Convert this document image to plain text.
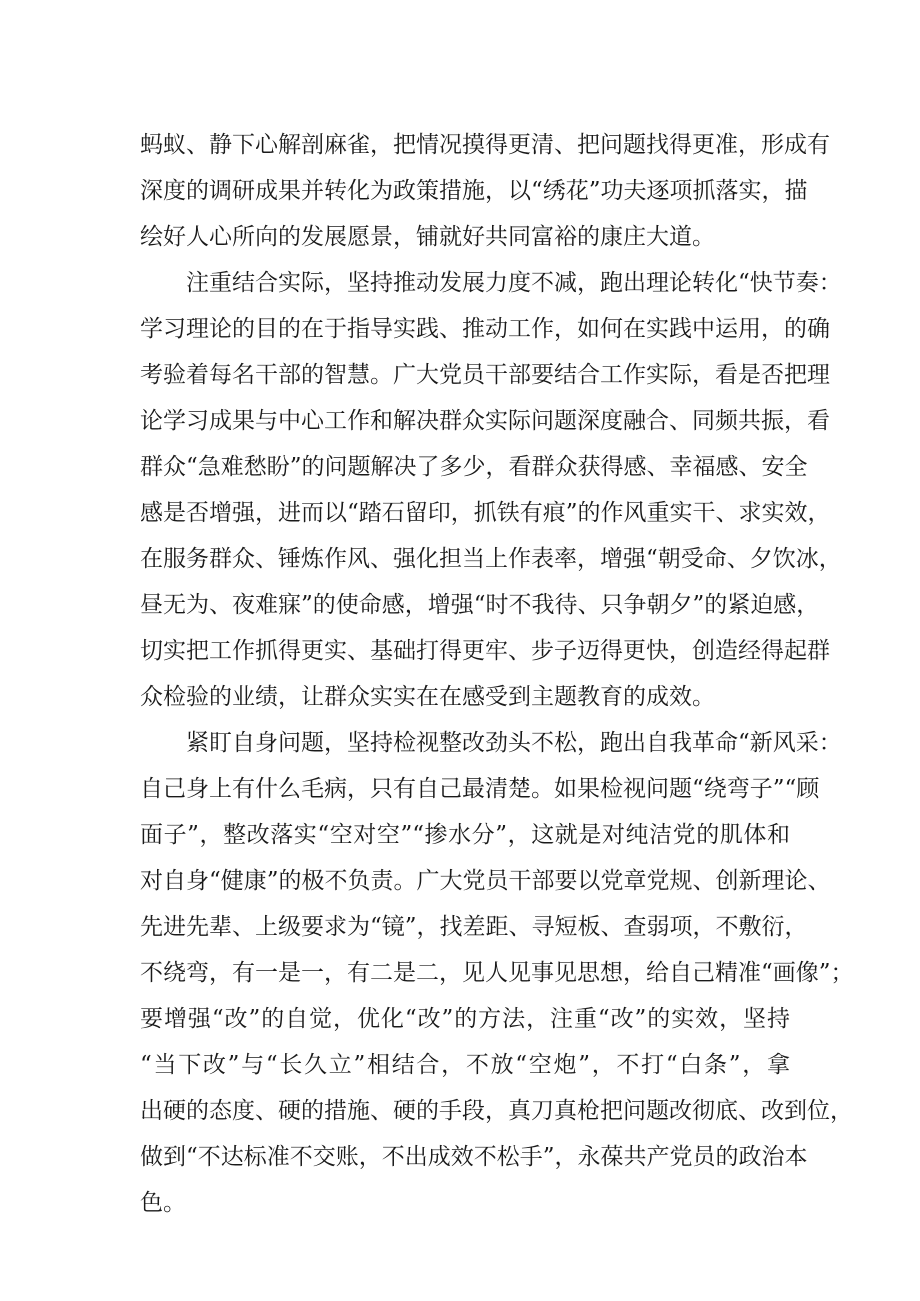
蚂蚁、静下心解剖麻雀，把情况摸得更清、把问题找得更准，形成有
深度的调研成果并转化为政策措施，以“绣花”功夫逐项抓落实，描
绘好人心所向的发展愿景，铺就好共同富裕的康庄大道。
注重结合实际，坚持推动发展力度不减，跑出理论转化“快节奏：
学习理论的目的在于指导实践、推动工作，如何在实践中运用，的确
考验着每名干部的智慧。广大党员干部要结合工作实际，看是否把理
论学习成果与中心工作和解决群众实际问题深度融合、同频共振，看
群众“急难愁盼”的问题解决了多少，看群众获得感、幸福感、安全
感是否增强，进而以“踏石留印，抓铁有痕”的作风重实干、求实效，
在服务群众、锤炼作风、强化担当上作表率，增强“朝受命、夕饮冰，
昼无为、夜难寐”的使命感，增强“时不我待、只争朝夕”的紧迫感，
切实把工作抓得更实、基础打得更牢、步子迈得更快，创造经得起群
众检验的业绩，让群众实实在在感受到主题教育的成效。
紧盯自身问题，坚持检视整改劲头不松，跑出自我革命“新风采：
自己身上有什么毛病，只有自己最清楚。如果检视问题“绕弯子”“顾
面子”，整改落实“空对空”“掺水分”，这就是对纯洁党的肌体和
对自身“健康”的极不负责。广大党员干部要以党章党规、创新理论、
先进先辈、上级要求为“镜”，找差距、寻短板、查弱项，不敷衍，
不绕弯，有一是一，有二是二，见人见事见思想，给自己精准“画像”；
要增强“改”的自觉，优化“改”的方法，注重“改”的实效，坚持
“当下改”与“长久立”相结合，不放“空炮”，不打“白条”，拿
出硬的态度、硬的措施、硬的手段，真刀真枪把问题改彻底、改到位，
做到“不达标准不交账，不出成效不松手”，永葆共产党员的政治本
色。
